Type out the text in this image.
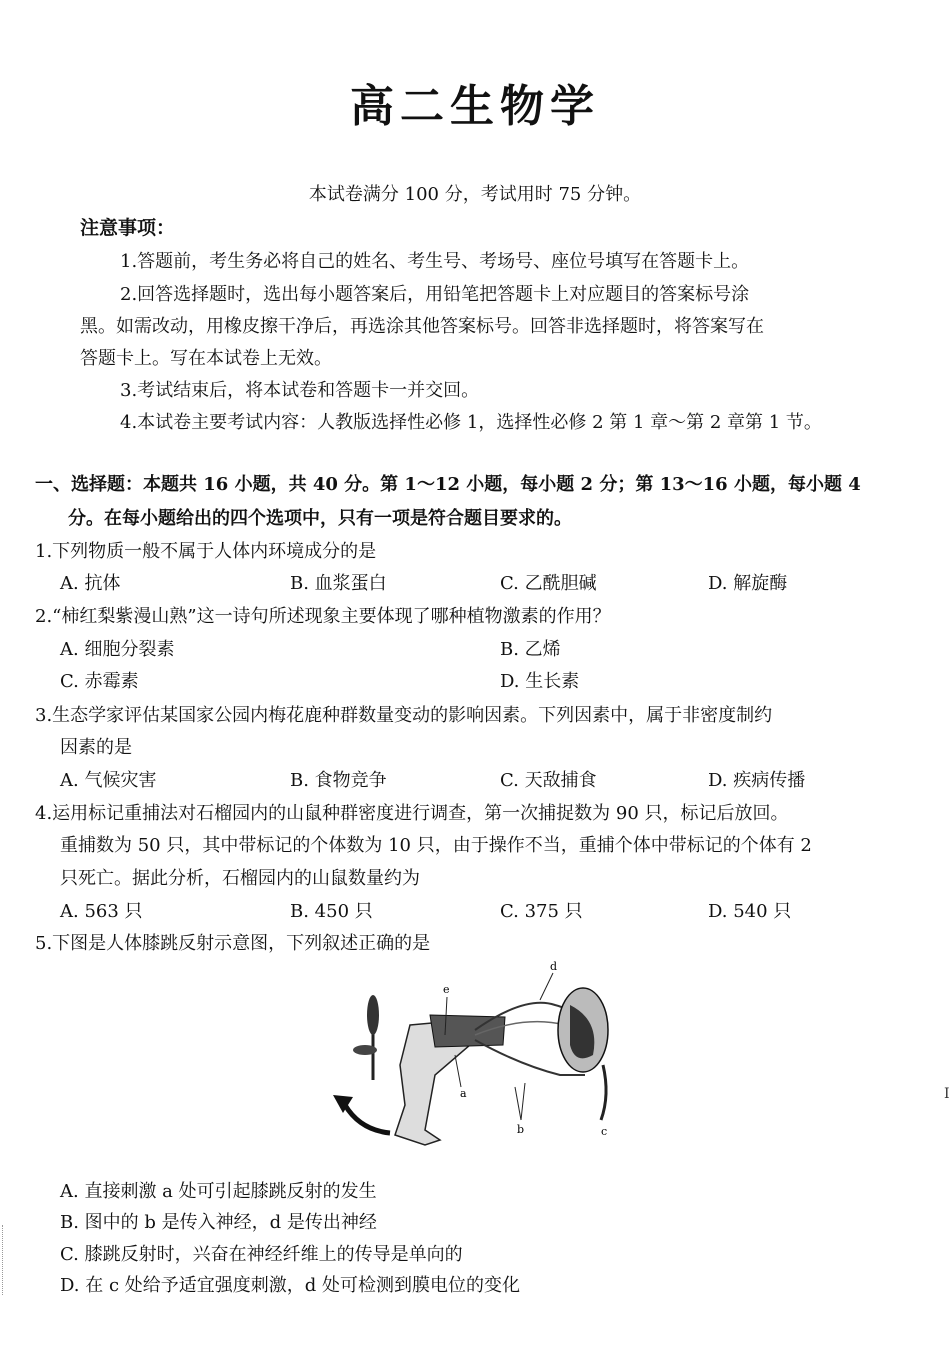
高二生物学
本试卷满分 100 分，考试用时 75 分钟。
注意事项：
1.答题前，考生务必将自己的姓名、考生号、考场号、座位号填写在答题卡上。
2.回答选择题时，选出每小题答案后，用铅笔把答题卡上对应题目的答案标号涂
黑。如需改动，用橡皮擦干净后，再选涂其他答案标号。回答非选择题时，将答案写在
答题卡上。写在本试卷上无效。
3.考试结束后，将本试卷和答题卡一并交回。
4.本试卷主要考试内容：人教版选择性必修 1，选择性必修 2 第 1 章～第 2 章第 1 节。
一、选择题：本题共 16 小题，共 40 分。第 1～12 小题，每小题 2 分；第 13～16 小题，每小题 4
分。在每小题给出的四个选项中，只有一项是符合题目要求的。
1.下列物质一般不属于人体内环境成分的是
A. 抗体	B. 血浆蛋白	C. 乙酰胆碱	D. 解旋酶
2.“柿红梨紫漫山熟”这一诗句所述现象主要体现了哪种植物激素的作用？
A. 细胞分裂素	B. 乙烯
C. 赤霉素	D. 生长素
3.生态学家评估某国家公园内梅花鹿种群数量变动的影响因素。下列因素中，属于非密度制约
因素的是
A. 气候灾害	B. 食物竞争	C. 天敌捕食	D. 疾病传播
4.运用标记重捕法对石榴园内的山鼠种群密度进行调查，第一次捕捉数为 90 只，标记后放回。
重捕数为 50 只，其中带标记的个体数为 10 只，由于操作不当，重捕个体中带标记的个体有 2
只死亡。据此分析，石榴园内的山鼠数量约为
A. 563 只	B. 450 只	C. 375 只	D. 540 只
5.下图是人体膝跳反射示意图，下列叙述正确的是
e
a
b	c
d
A. 直接刺激 a 处可引起膝跳反射的发生
B. 图中的 b 是传入神经，d 是传出神经
C. 膝跳反射时，兴奋在神经纤维上的传导是单向的
D. 在 c 处给予适宜强度刺激，d 处可检测到膜电位的变化
I
